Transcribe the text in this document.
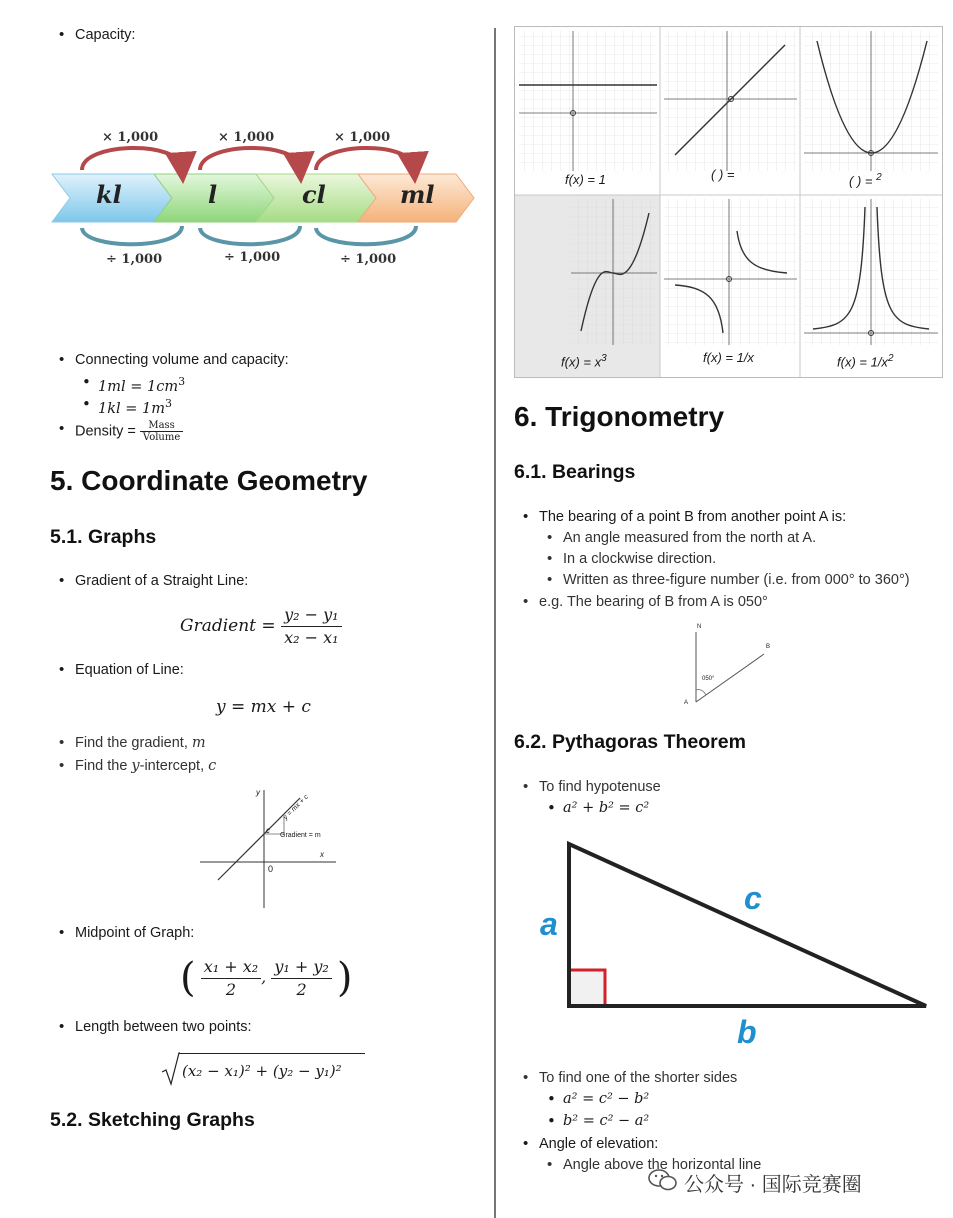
• Capacity:
× 1,000	× 1,000	× 1,000
÷ 1,000	÷ 1,000	÷ 1,000
kl	l	cl	ml
• Connecting volume and capacity:
• $1ml = 1cm^3$
• $1kl = 1m^3$
• Density = $\frac{\text{Mass}}{\text{Volume}}$
5. Coordinate Geometry
5.1. Graphs
• Gradient of a Straight Line:
Gradient = $\frac{\text{y₂ − y₁}}{\text{x₂ − x₁}}$
• Equation of Line:
y = mx + c
• Find the gradient, m
• Find the y-intercept, c
y
x
0
c
y = mx + c
Gradient = m
• Midpoint of Graph:
( $\frac{\text{x₁ + x₂}}{2}$ , $\frac{\text{y₁ + y₂}}{2}$ )
• Length between two points:
(x₂ − x₁)² + (y₂ − y₁)²
5.2. Sketching Graphs
f(x) = 1	( ) =	( ) = $^2$
$f(x) = x^3$	f(x) = 1/x	$f(x) = 1/x^2$
6. Trigonometry
6.1. Bearings
• The bearing of a point B from another point A is:
• An angle measured from the north at A.
• In a clockwise direction.
• Written as three-figure number (i.e. from 000° to 360°)
• e.g. The bearing of B from A is 050°
N
A
B
050°
6.2. Pythagoras Theorem
• To find hypotenuse
• a² + b² = c²
a
c
b
• To find one of the shorter sides
• a² = c² − b²
• b² = c² − a²
• Angle of elevation:
• Angle above the horizontal line
公众号 · 国际竞赛圈
